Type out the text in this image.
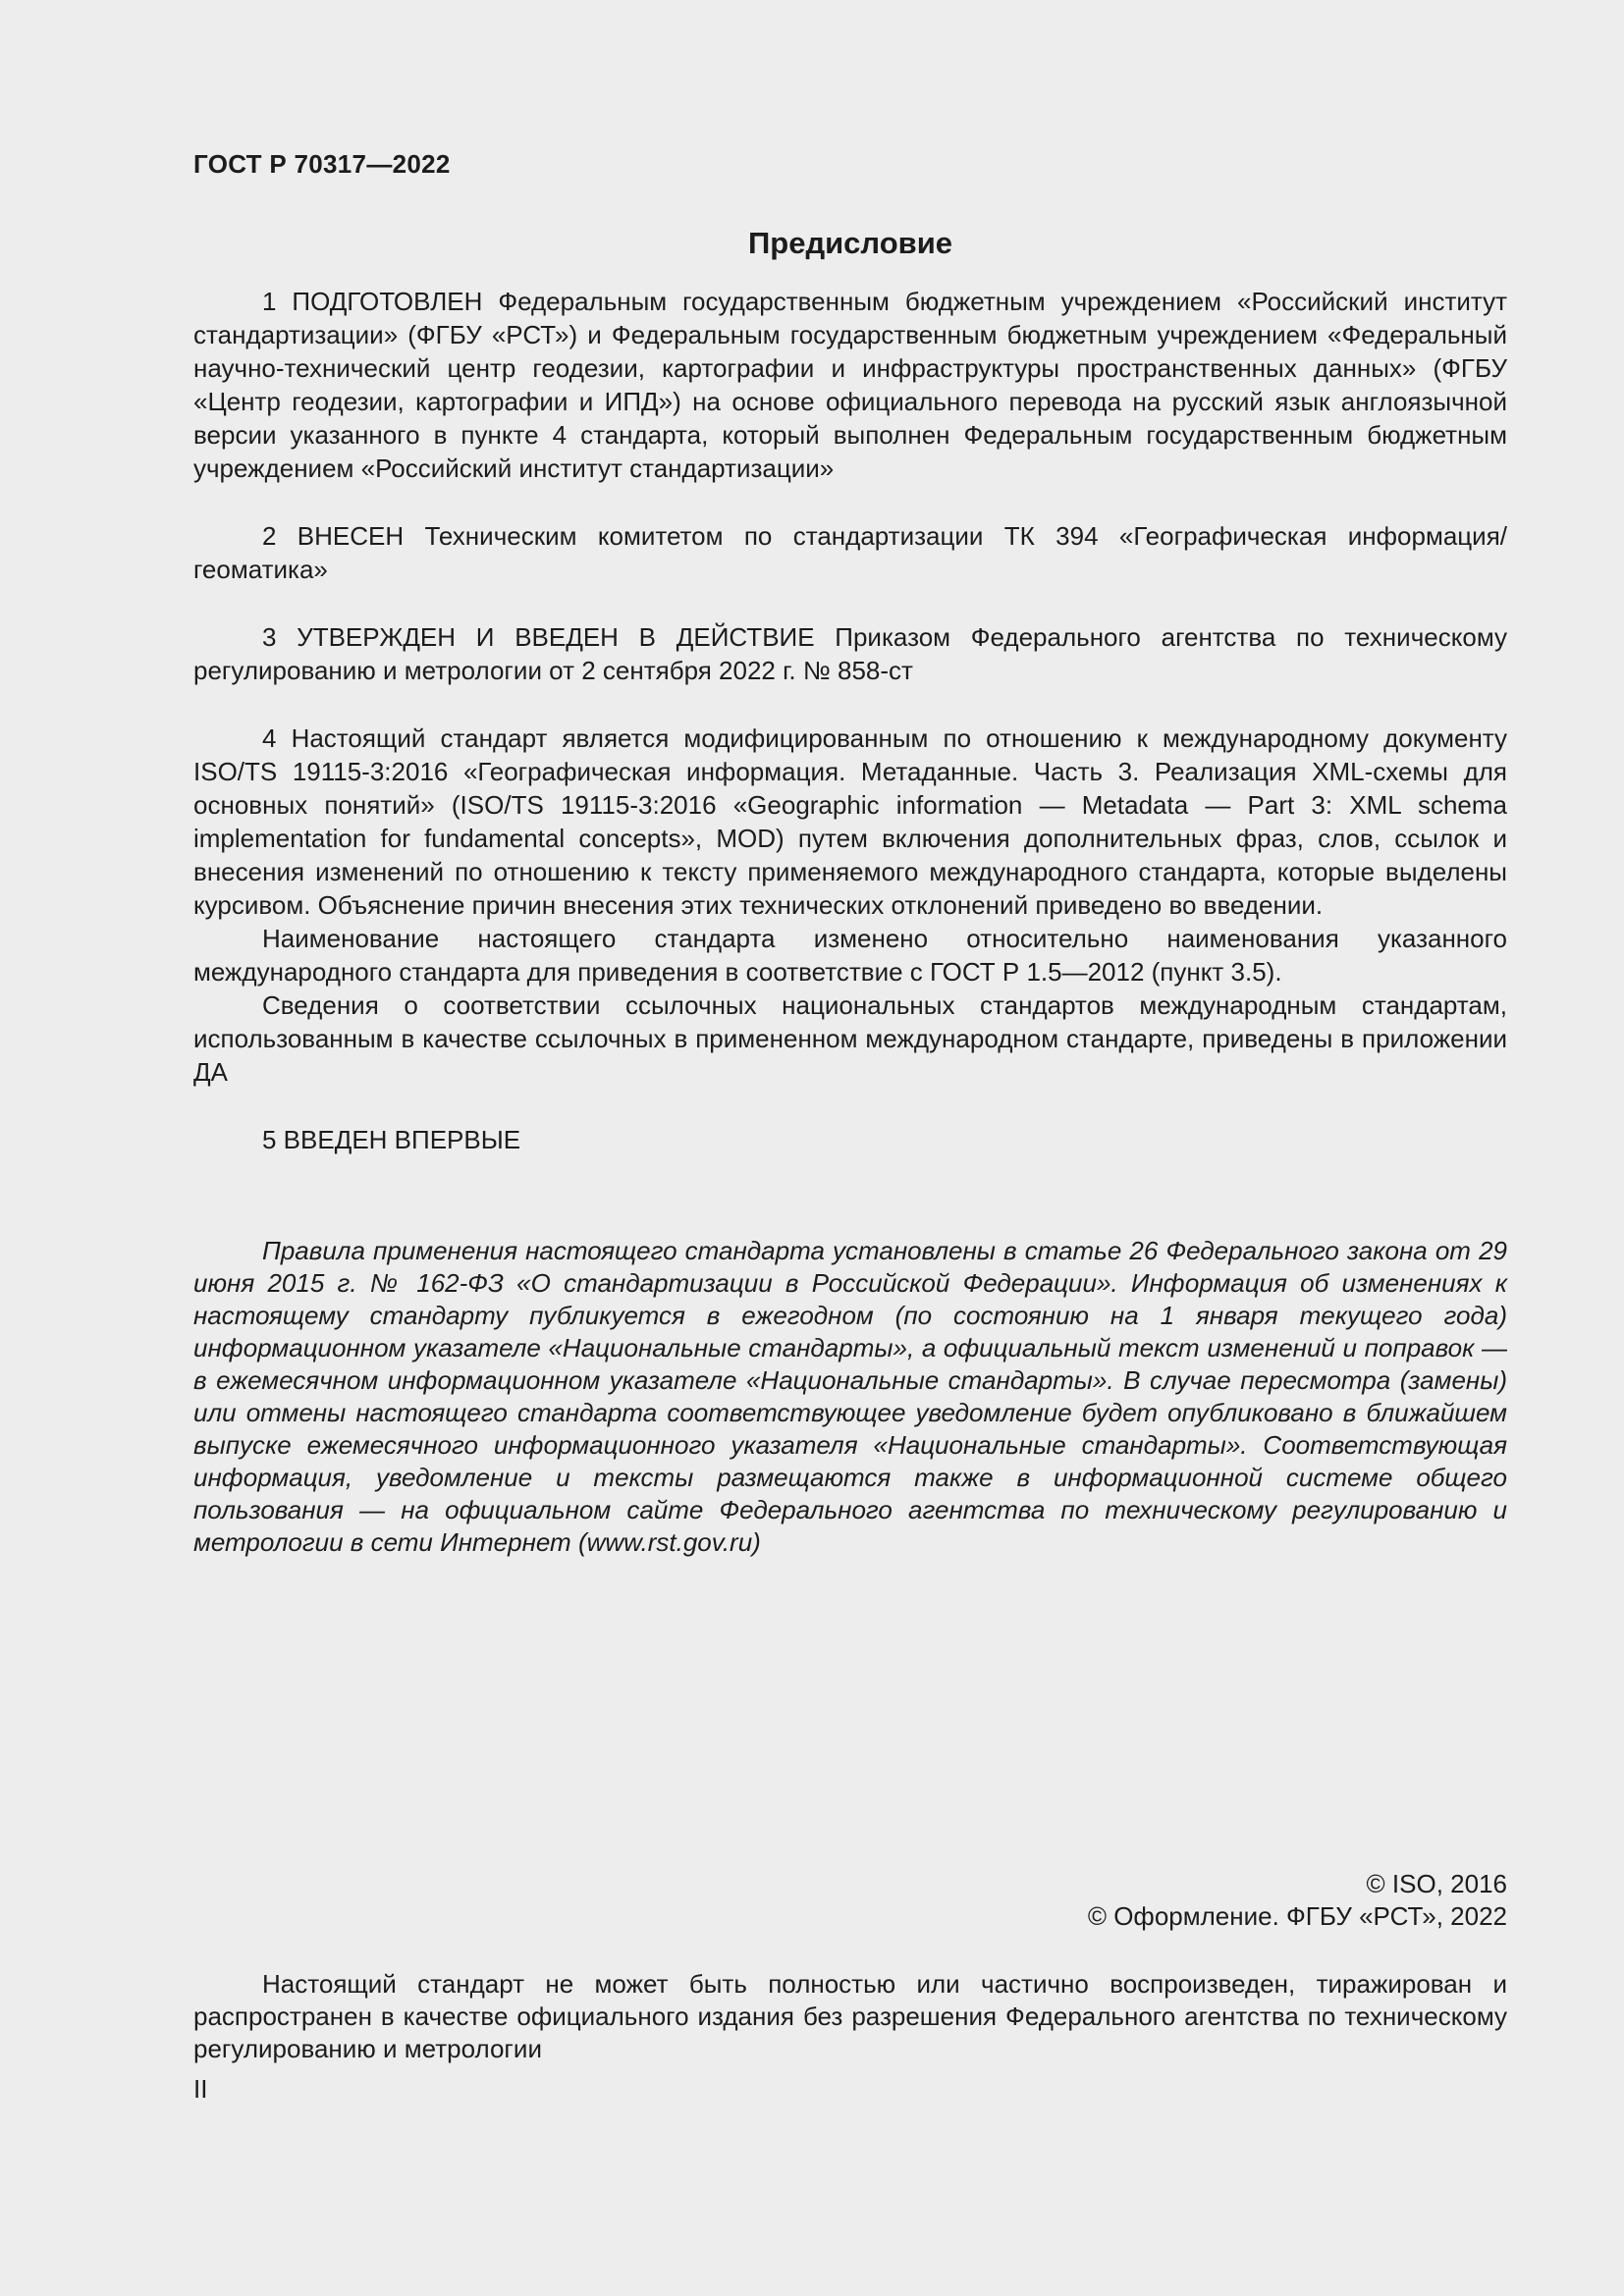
ГОСТ Р 70317—2022
Предисловие

1 ПОДГОТОВЛЕН Федеральным государственным бюджетным учреждением «Российский институт стандартизации» (ФГБУ «РСТ») и Федеральным государственным бюджетным учреждением «Федеральный научно-технический центр геодезии, картографии и инфраструктуры пространственных данных» (ФГБУ «Центр геодезии, картографии и ИПД») на основе официального перевода на русский язык англоязычной версии указанного в пункте 4 стандарта, который выполнен Федеральным государственным бюджетным учреждением «Российский институт стандартизации»

2 ВНЕСЕН Техническим комитетом по стандартизации ТК 394 «Географическая информация/геоматика»

3 УТВЕРЖДЕН И ВВЕДЕН В ДЕЙСТВИЕ Приказом Федерального агентства по техническому регулированию и метрологии от 2 сентября 2022 г. № 858-ст

4 Настоящий стандарт является модифицированным по отношению к международному документу ISO/TS 19115-3:2016 «Географическая информация. Метаданные. Часть 3. Реализация XML-схемы для основных понятий» (ISO/TS 19115-3:2016 «Geographic information — Metadata — Part 3: XML schema implementation for fundamental concepts», MOD) путем включения дополнительных фраз, слов, ссылок и внесения изменений по отношению к тексту применяемого международного стандарта, которые выделены курсивом. Объяснение причин внесения этих технических отклонений приведено во введении.

Наименование настоящего стандарта изменено относительно наименования указанного международного стандарта для приведения в соответствие с ГОСТ Р 1.5—2012 (пункт 3.5).

Сведения о соответствии ссылочных национальных стандартов международным стандартам, использованным в качестве ссылочных в примененном международном стандарте, приведены в приложении ДА

5 ВВЕДЕН ВПЕРВЫЕ

Правила применения настоящего стандарта установлены в статье 26 Федерального закона от 29 июня 2015 г. № 162-ФЗ «О стандартизации в Российской Федерации». Информация об изменениях к настоящему стандарту публикуется в ежегодном (по состоянию на 1 января текущего года) информационном указателе «Национальные стандарты», а официальный текст изменений и поправок — в ежемесячном информационном указателе «Национальные стандарты». В случае пересмотра (замены) или отмены настоящего стандарта соответствующее уведомление будет опубликовано в ближайшем выпуске ежемесячного информационного указателя «Национальные стандарты». Соответствующая информация, уведомление и тексты размещаются также в информационной системе общего пользования — на официальном сайте Федерального агентства по техническому регулированию и метрологии в сети Интернет (www.rst.gov.ru)

© ISO, 2016
© Оформление. ФГБУ «РСТ», 2022

Настоящий стандарт не может быть полностью или частично воспроизведен, тиражирован и распространен в качестве официального издания без разрешения Федерального агентства по техническому регулированию и метрологии

II
